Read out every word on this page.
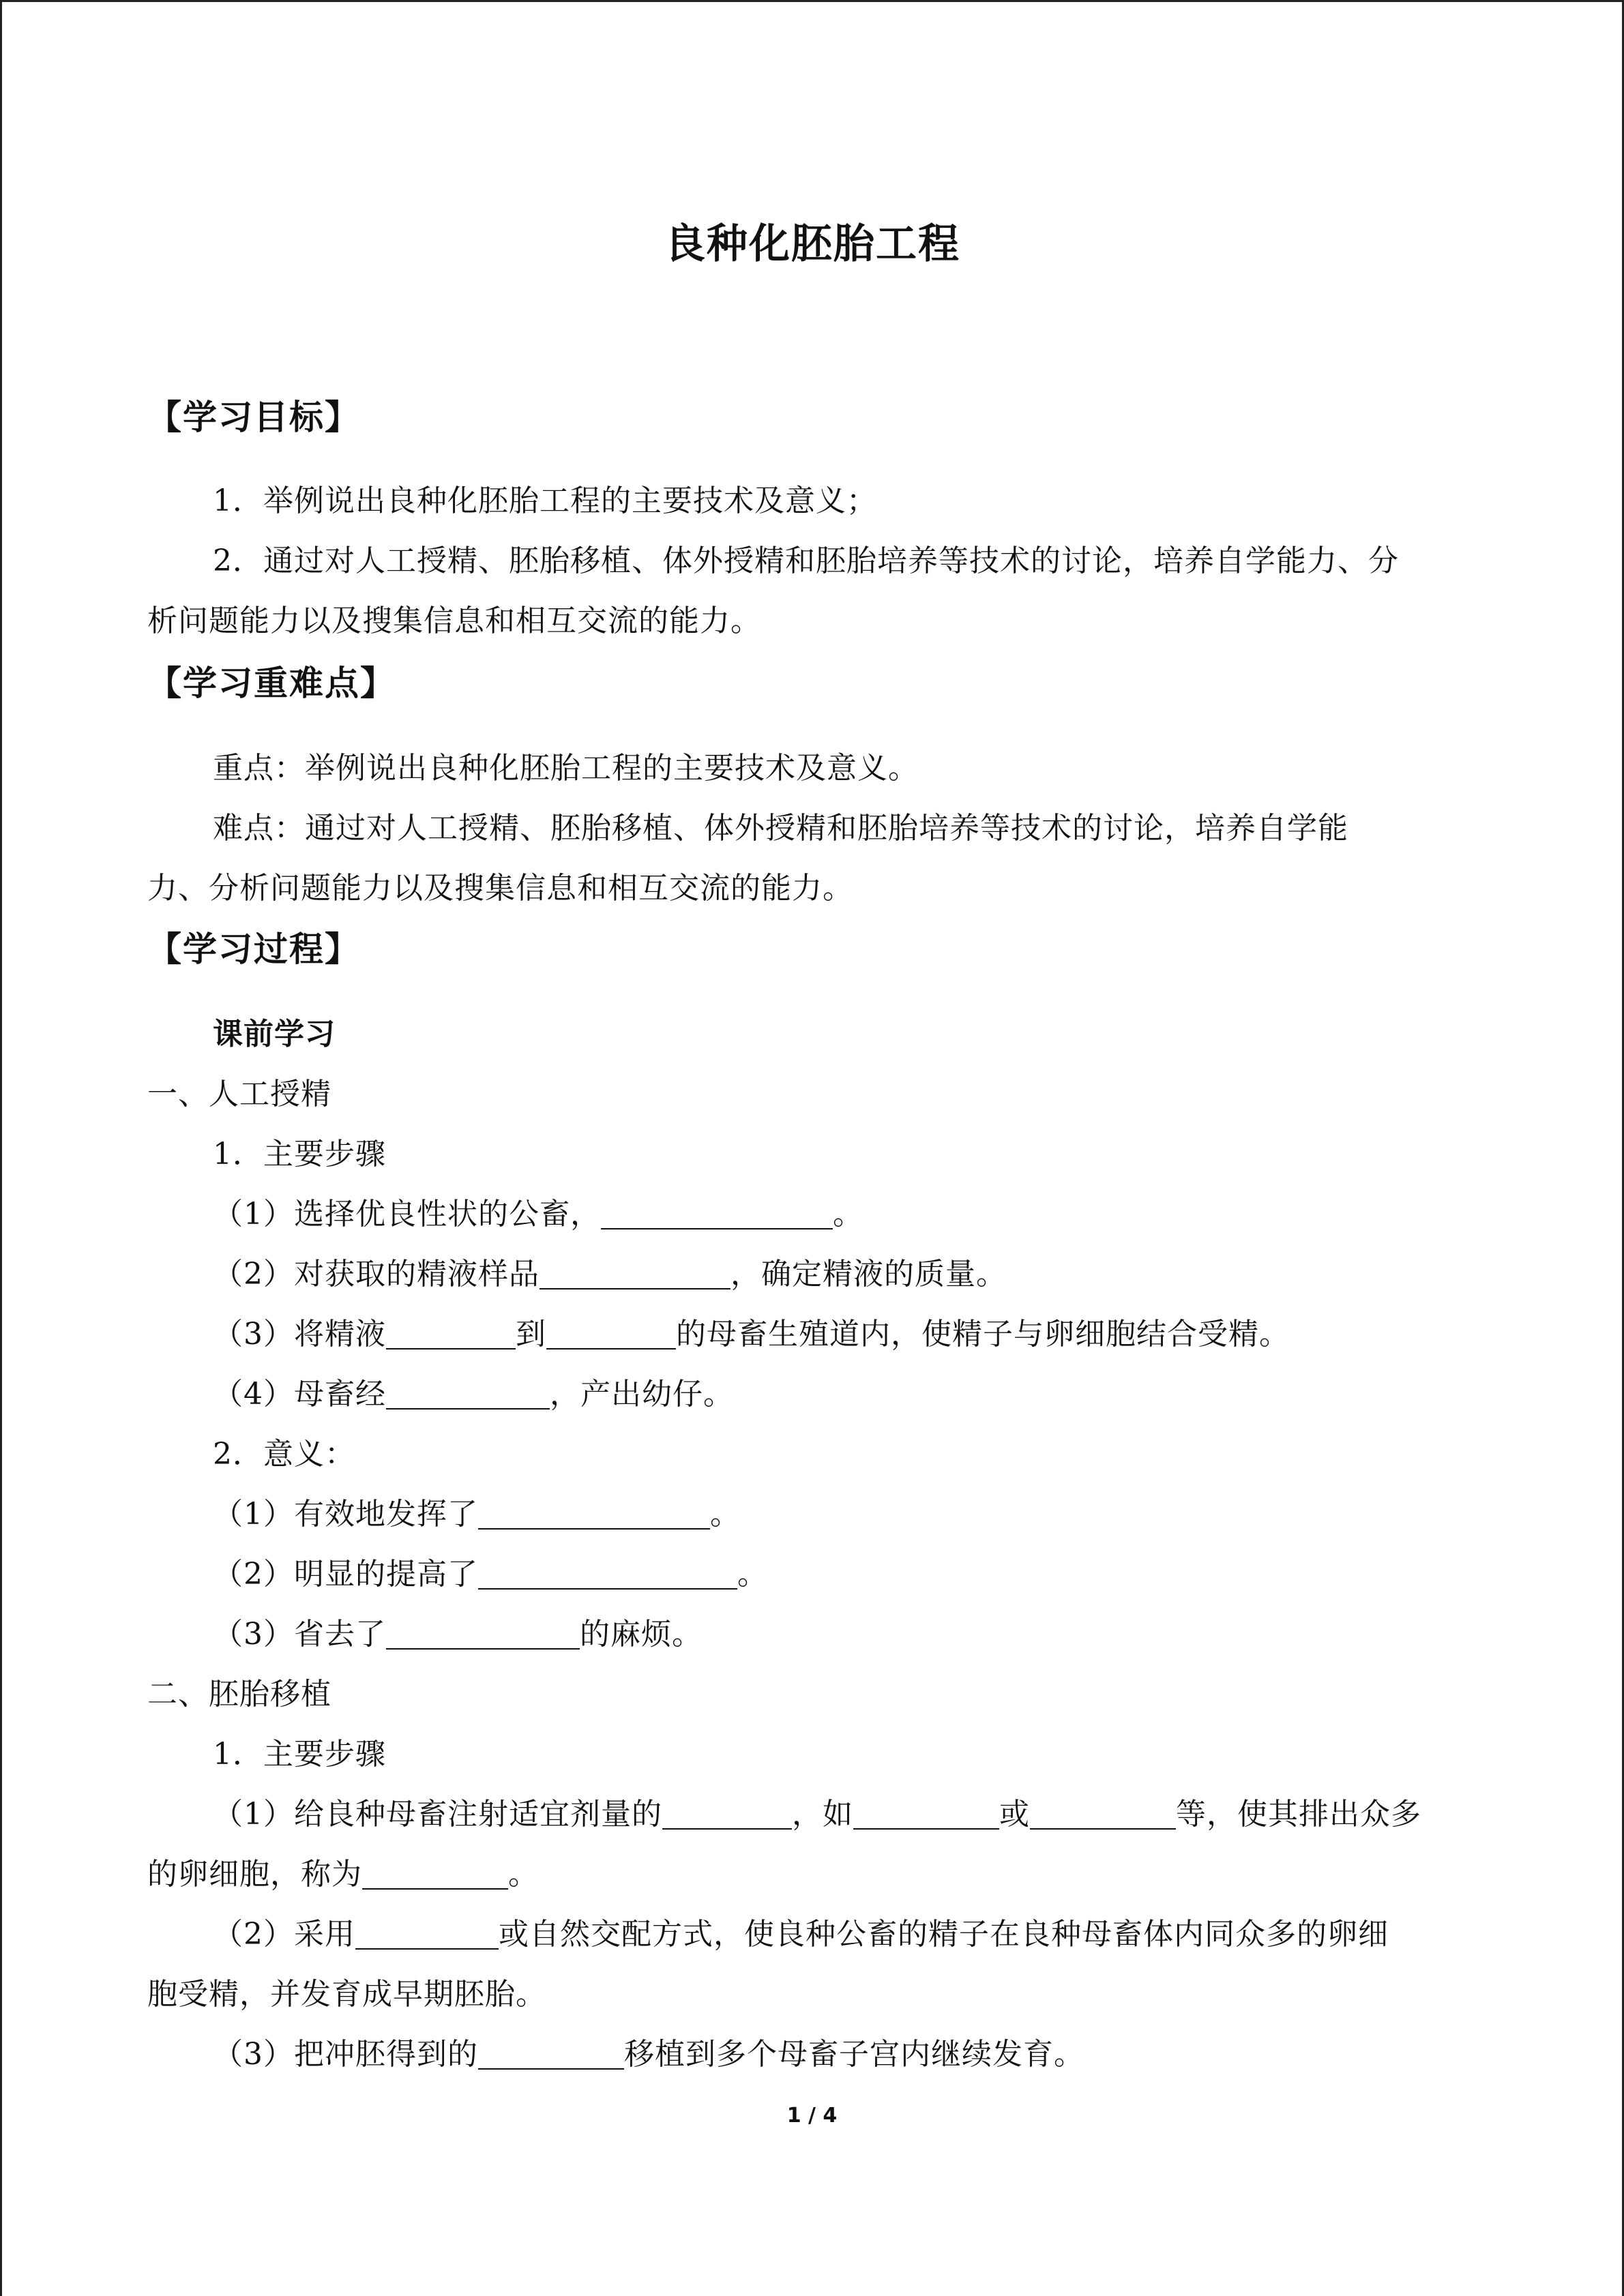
良种化胚胎工程
【学习目标】
1．举例说出良种化胚胎工程的主要技术及意义；
2．通过对人工授精、胚胎移植、体外授精和胚胎培养等技术的讨论，培养自学能力、分
析问题能力以及搜集信息和相互交流的能力。
【学习重难点】
重点：举例说出良种化胚胎工程的主要技术及意义。
难点：通过对人工授精、胚胎移植、体外授精和胚胎培养等技术的讨论，培养自学能
力、分析问题能力以及搜集信息和相互交流的能力。
【学习过程】
课前学习
一、人工授精
1．主要步骤
（1）选择优良性状的公畜，	。
（2）对获取的精液样品	，确定精液的质量。
（3）将精液	到	的母畜生殖道内，使精子与卵细胞结合受精。
（4）母畜经	，产出幼仔。
2．意义：
（1）有效地发挥了	。
（2）明显的提高了	。
（3）省去了	的麻烦。
二、胚胎移植
1．主要步骤
（1）给良种母畜注射适宜剂量的	，如	或	等，使其排出众多
的卵细胞，称为	。
（2）采用	或自然交配方式，使良种公畜的精子在良种母畜体内同众多的卵细
胞受精，并发育成早期胚胎。
（3）把冲胚得到的	移植到多个母畜子宫内继续发育。
1 / 4
